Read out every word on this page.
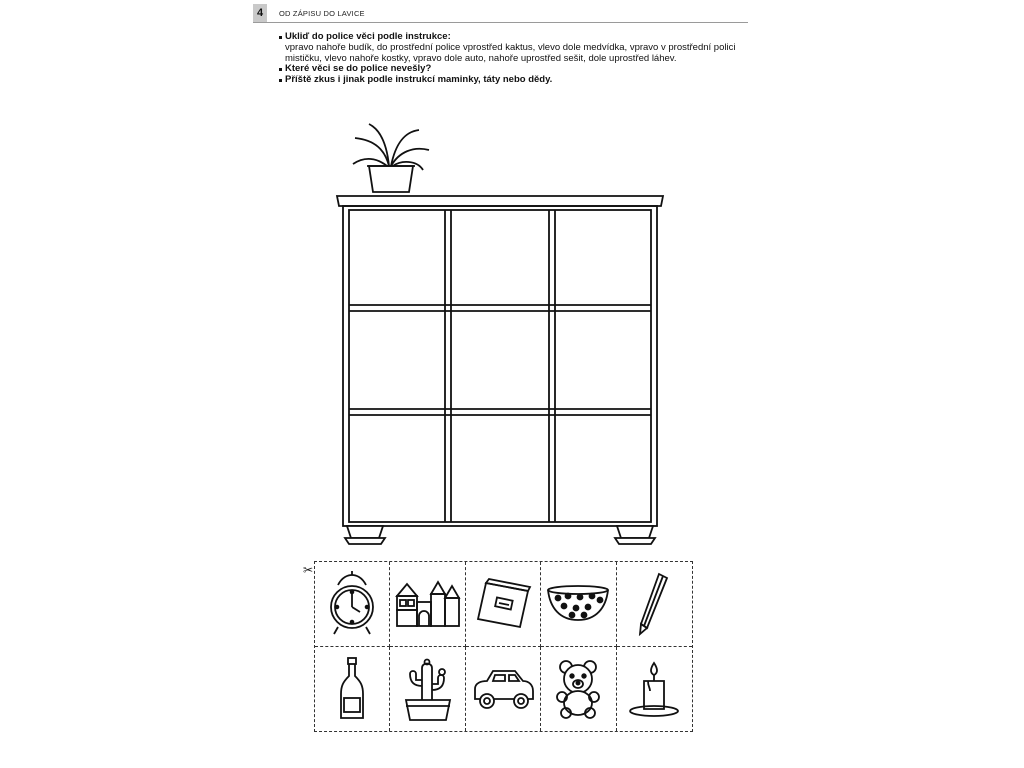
4	OD ZÁPISU DO LAVICE
Ukliď do police věci podle instrukce:
vpravo nahoře budík, do prostřední police vprostřed kaktus, vlevo dole medvídka, vpravo v prostřední polici mističku, vlevo nahoře kostky, vpravo dole auto, nahoře uprostřed sešit, dole uprostřed láhev.
Které věci se do police nevešly?
Příště zkus i jinak podle instrukcí maminky, táty nebo dědy.
✂
